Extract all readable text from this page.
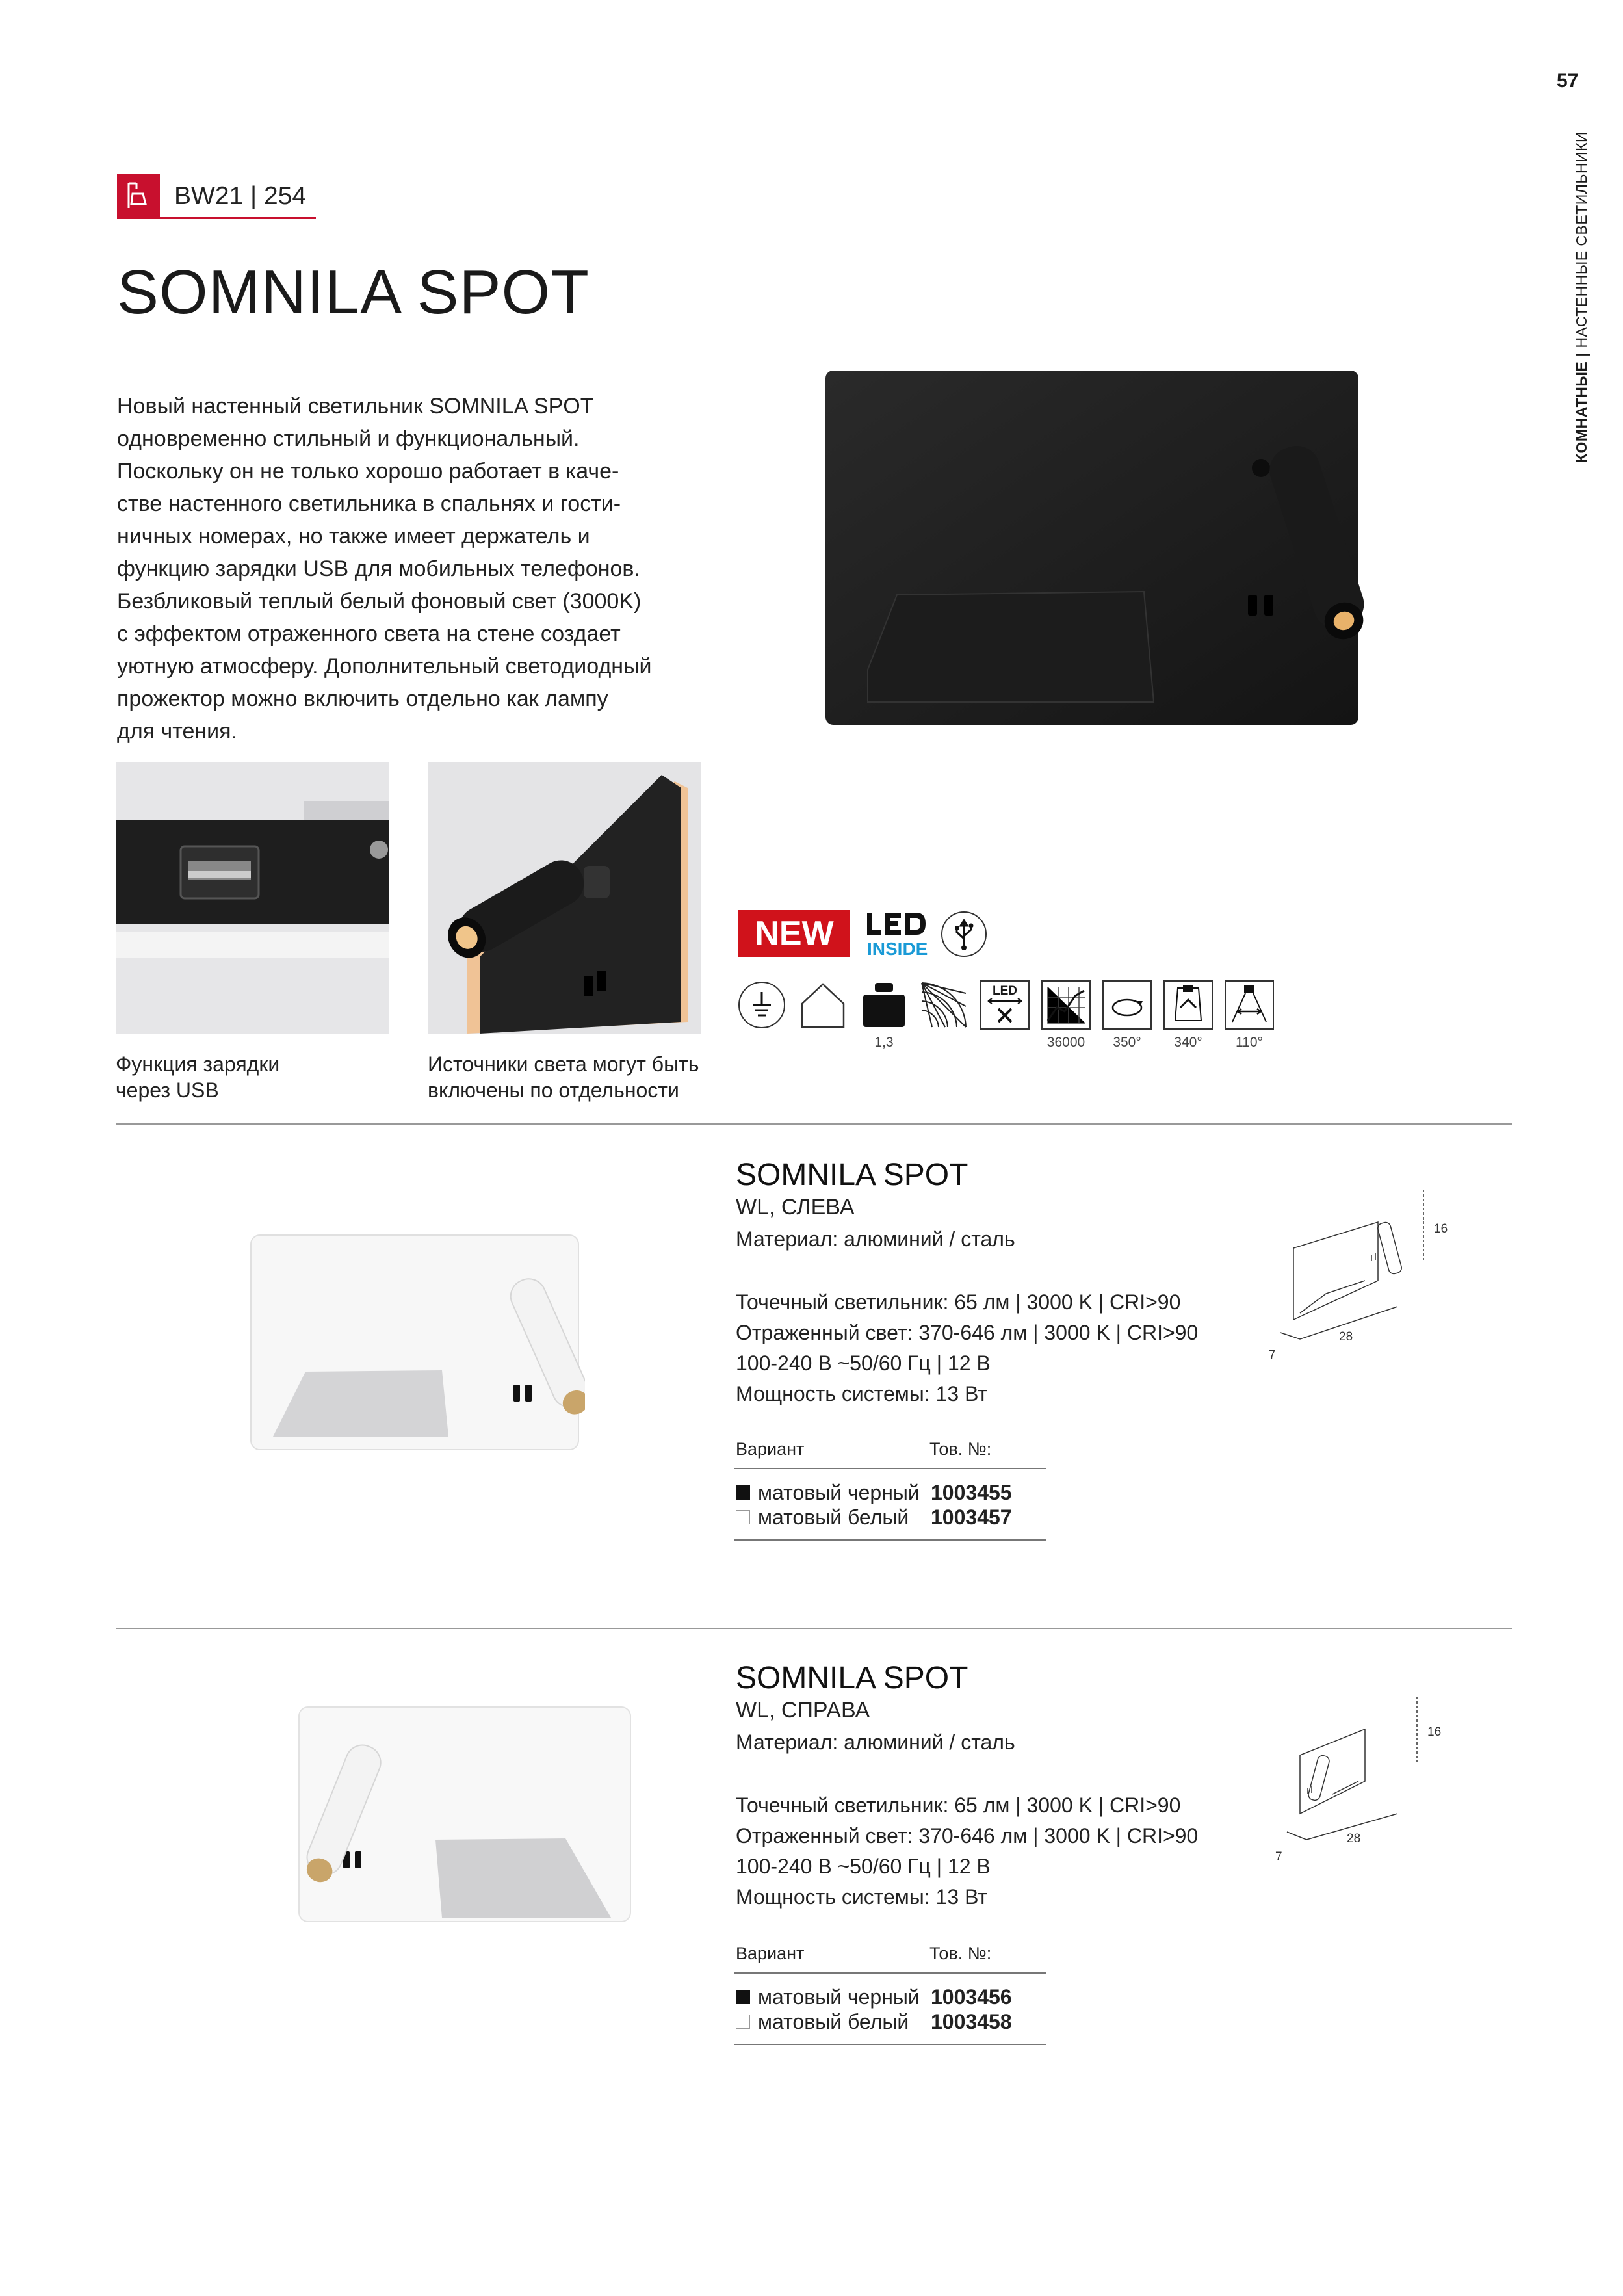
57
КОМНАТНЫЕ | НАСТЕННЫЕ СВЕТИЛЬНИКИ
BW21 | 254
SOMNILA SPOT
Новый настенный светильник SOMNILA SPOT
одновременно стильный и функциональный.
Поскольку он не только хорошо работает в каче-
стве настенного светильника в спальнях и гости-
ничных номерах, но также имеет держатель и
функцию зарядки USB для мобильных телефонов.
Безбликовый теплый белый фоновый свет (3000K)
с эффектом отраженного света на стене создает
уютную атмосферу. Дополнительный светодиодный
прожектор можно включить отдельно как лампу
для чтения.
Функция зарядки
через USB
Источники света могут быть
включены по отдельности
NEW	INSIDE
1,3
LED
36000	350°	340°	110°
SOMNILA SPOT
WL, СЛЕВА
Материал: алюминий / сталь
Точечный светильник: 65 лм | 3000 K | CRI>90
Отраженный свет: 370-646 лм | 3000 K | CRI>90
100-240 В ~50/60 Гц | 12 В
Мощность системы: 13 Вт
Вариант	Тов. №:
матовый черный 1003455
матовый белый 1003457
16
28
7
SOMNILA SPOT
WL, СПРАВА
Материал: алюминий / сталь
Точечный светильник: 65 лм | 3000 K | CRI>90
Отраженный свет: 370-646 лм | 3000 K | CRI>90
100-240 В ~50/60 Гц | 12 В
Мощность системы: 13 Вт
Вариант	Тов. №:
матовый черный 1003456
матовый белый 1003458
16
28
7
